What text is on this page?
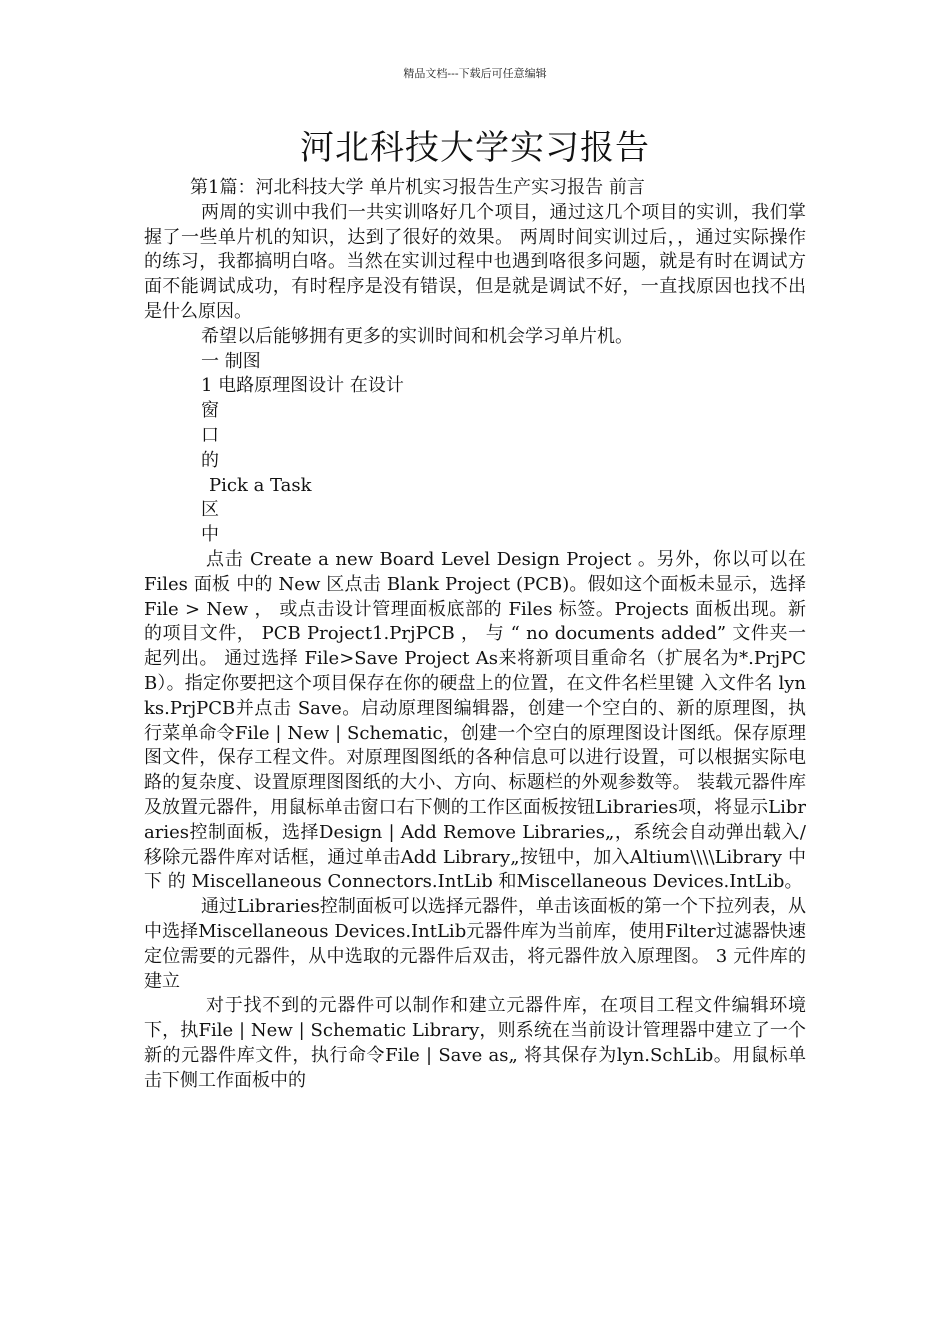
精品文档---下载后可任意编辑
河北科技大学实习报告

第1篇：河北科技大学 单片机实习报告生产实习报告 前言

两周的实训中我们一共实训咯好几个项目，通过这几个项目的实训，我们掌握了一些单片机的知识，达到了很好的效果。 两周时间实训过后，，通过实际操作的练习，我都搞明白咯。当然在实训过程中也遇到咯很多问题，就是有时在调试方面不能调试成功，有时程序是没有错误，但是就是调试不好，一直找原因也找不出是什么原因。

希望以后能够拥有更多的实训时间和机会学习单片机。

一 制图

1 电路原理图设计 在设计

窗

口

的

Pick a Task

区

中

点击 Create a new Board Level Design Project 。另外，你以可以在 Files 面板 中的 New 区点击 Blank Project (PCB)。假如这个面板未显示，选择 File > New ， 或点击设计管理面板底部的 Files 标签。Projects 面板出现。新的项目文件， PCB Project1.PrjPCB ， 与 “ no documents added” 文件夹一起列出。 通过选择 File>Save Project As来将新项目重命名（扩展名为*.PrjPCB）。指定你要把这个项目保存在你的硬盘上的位置，在文件名栏里键 入文件名 lynks.PrjPCB并点击 Save。启动原理图编辑器，创建一个空白的、新的原理图，执行菜单命令File | New | Schematic，创建一个空白的原理图设计图纸。保存原理图文件，保存工程文件。对原理图图纸的各种信息可以进行设置，可以根据实际电路的复杂度、设置原理图图纸的大小、方向、标题栏的外观参数等。 装载元器件库及放置元器件，用鼠标单击窗口右下侧的工作区面板按钮Libraries项，将显示Libraries控制面板，选择Design | Add Remove Libraries„，系统会自动弹出载入/移除元器件库对话框，通过单击Add Library„按钮中，加入Altium\\\\Library 中 下 的 Miscellaneous Connectors.IntLib 和Miscellaneous Devices.IntLib。

通过Libraries控制面板可以选择元器件，单击该面板的第一个下拉列表，从中选择Miscellaneous Devices.IntLib元器件库为当前库，使用Filter过滤器快速定位需要的元器件，从中选取的元器件后双击，将元器件放入原理图。 3 元件库的建立

对于找不到的元器件可以制作和建立元器件库，在项目工程文件编辑环境下，执File | New | Schematic Library，则系统在当前设计管理器中建立了一个新的元器件库文件，执行命令File | Save as„ 将其保存为lyn.SchLib。用鼠标单击下侧工作面板中的
